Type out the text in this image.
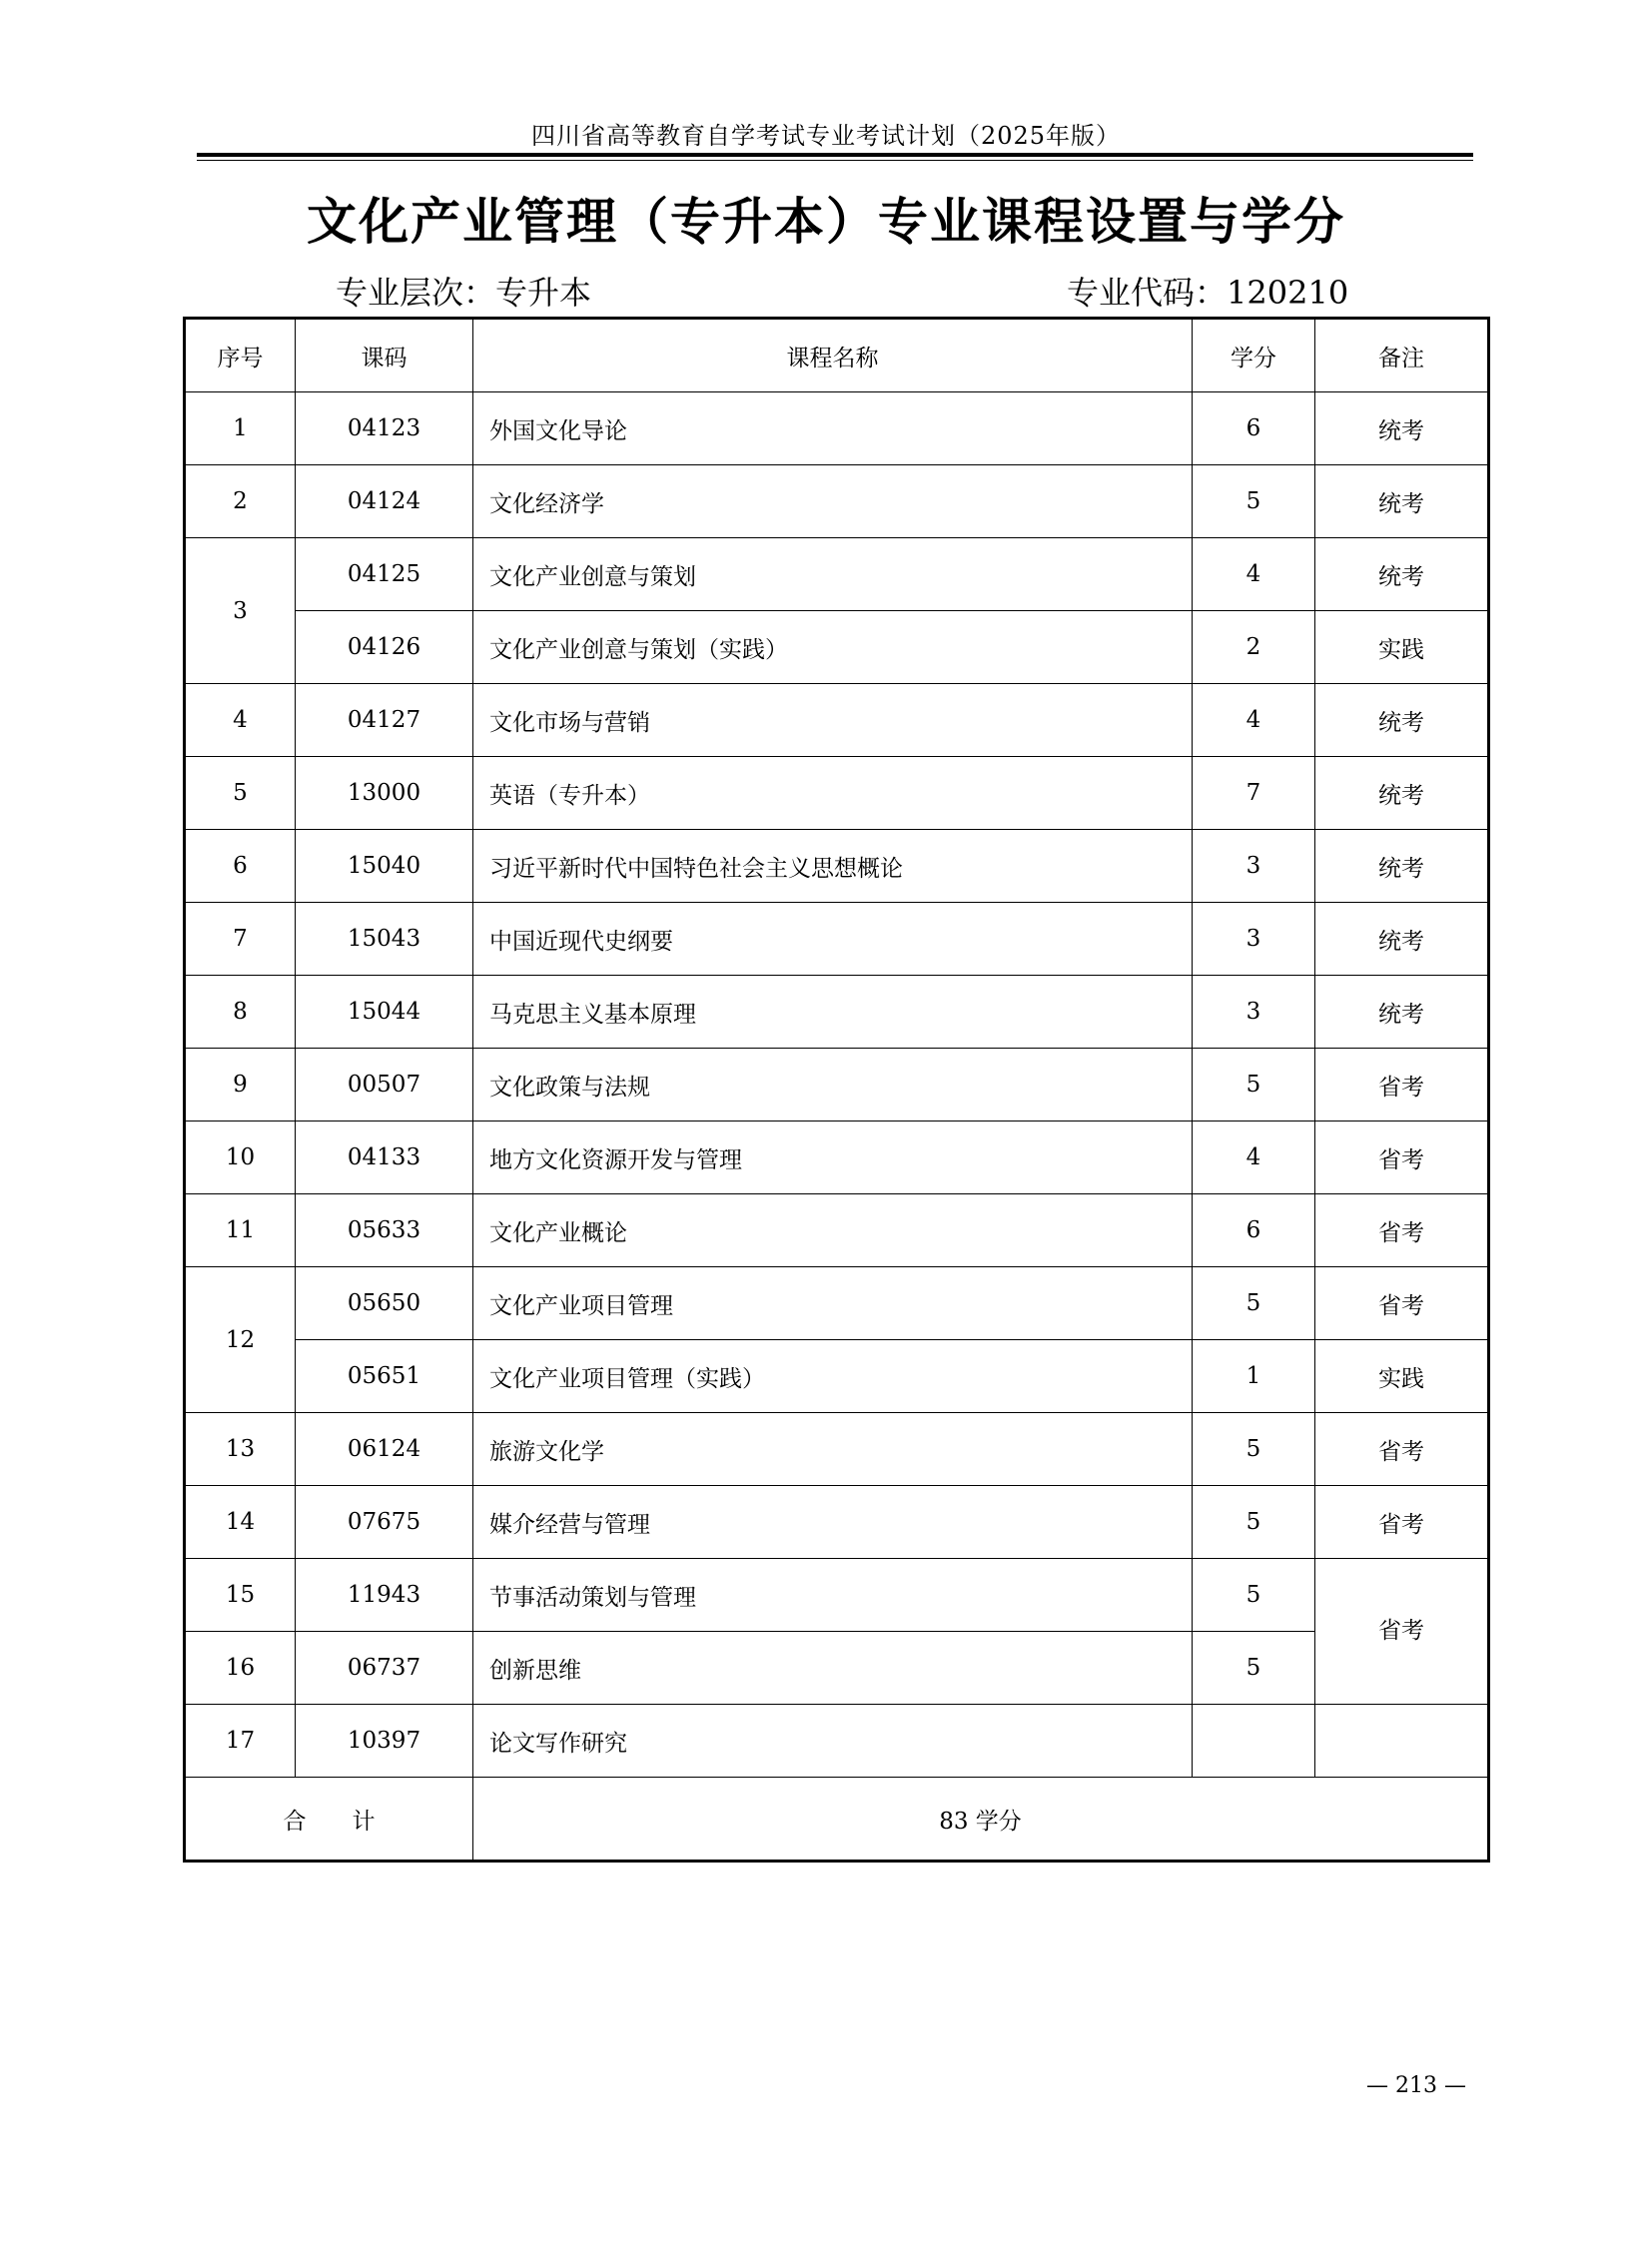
四川省高等教育自学考试专业考试计划（2025年版）
文化产业管理（专升本）专业课程设置与学分
专业层次：专升本	专业代码：120210
序号	课码	课程名称	学分	备注
1	04123	外国文化导论	6	统考
2	04124	文化经济学	5	统考
3	04125	文化产业创意与策划	4	统考
	04126	文化产业创意与策划（实践）	2	实践
4	04127	文化市场与营销	4	统考
5	13000	英语（专升本）	7	统考
6	15040	习近平新时代中国特色社会主义思想概论	3	统考
7	15043	中国近现代史纲要	3	统考
8	15044	马克思主义基本原理	3	统考
9	00507	文化政策与法规	5	省考
10	04133	地方文化资源开发与管理	4	省考
11	05633	文化产业概论	6	省考
12	05650	文化产业项目管理	5	省考
	05651	文化产业项目管理（实践）	1	实践
13	06124	旅游文化学	5	省考
14	07675	媒介经营与管理	5	省考
15	11943	节事活动策划与管理	5	省考
16	06737	创新思维	5	
17	10397	论文写作研究		
合　　计		83 学分		
— 213 —
